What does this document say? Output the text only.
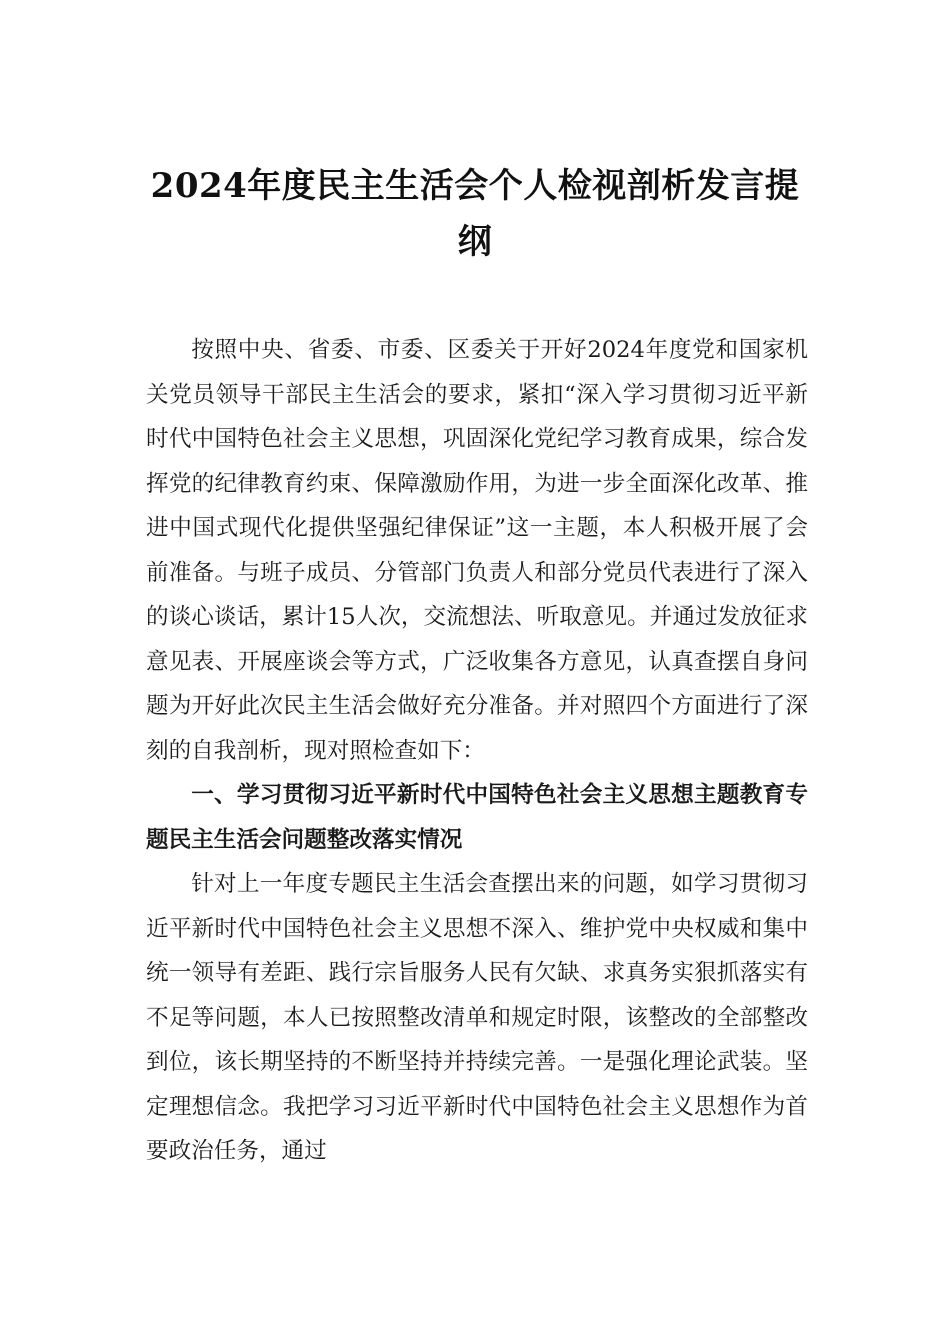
2024年度民主生活会个人检视剖析发言提纲

按照中央、省委、市委、区委关于开好2024年度党和国家机关党员领导干部民主生活会的要求，紧扣“深入学习贯彻习近平新时代中国特色社会主义思想，巩固深化党纪学习教育成果，综合发挥党的纪律教育约束、保障激励作用，为进一步全面深化改革、推进中国式现代化提供坚强纪律保证”这一主题，本人积极开展了会前准备。与班子成员、分管部门负责人和部分党员代表进行了深入的谈心谈话，累计15人次，交流想法、听取意见。并通过发放征求意见表、开展座谈会等方式，广泛收集各方意见，认真查摆自身问题为开好此次民主生活会做好充分准备。并对照四个方面进行了深刻的自我剖析，现对照检查如下：

一、学习贯彻习近平新时代中国特色社会主义思想主题教育专题民主生活会问题整改落实情况

针对上一年度专题民主生活会查摆出来的问题，如学习贯彻习近平新时代中国特色社会主义思想不深入、维护党中央权威和集中统一领导有差距、践行宗旨服务人民有欠缺、求真务实狠抓落实有不足等问题，本人已按照整改清单和规定时限，该整改的全部整改到位，该长期坚持的不断坚持并持续完善。一是强化理论武装。坚定理想信念。我把学习习近平新时代中国特色社会主义思想作为首要政治任务，通过
